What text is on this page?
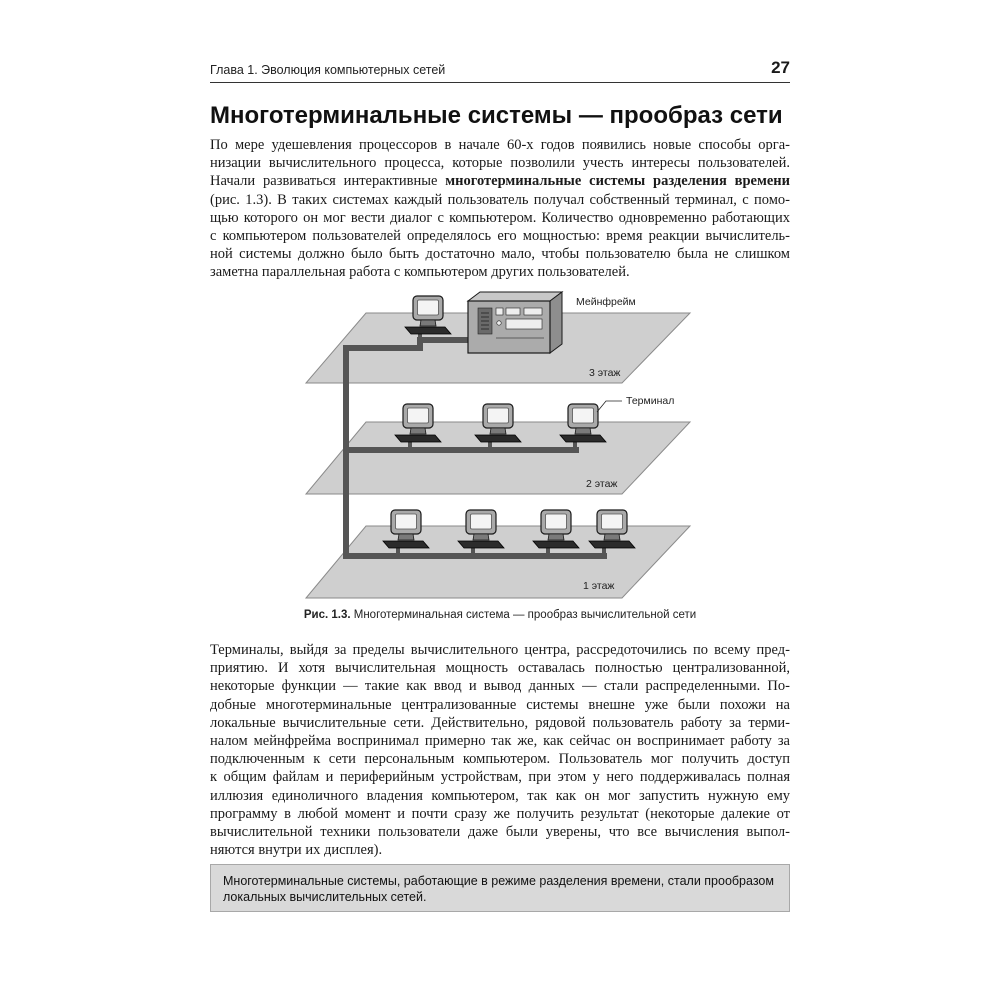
Глава 1. Эволюция компьютерных сетей	27
Многотерминальные системы — прообраз сети

По мере удешевления процессоров в начале 60-х годов появились новые способы орга-
низации вычислительного процесса, которые позволили учесть интересы пользователей.
Начали развиваться интерактивные многотерминальные системы разделения времени
(рис. 1.3). В таких системах каждый пользователь получал собственный терминал, с помо-
щью которого он мог вести диалог с компьютером. Количество одновременно работающих
с компьютером пользователей определялось его мощностью: время реакции вычислитель-
ной системы должно было быть достаточно мало, чтобы пользователю была не слишком
заметна параллельная работа с компьютером других пользователей.

Мейнфрейм
Терминал
3 этаж
2 этаж
1 этаж
Рис. 1.3. Многотерминальная система — прообраз вычислительной сети

Терминалы, выйдя за пределы вычислительного центра, рассредоточились по всему пред-
приятию. И хотя вычислительная мощность оставалась полностью централизованной,
некоторые функции — такие как ввод и вывод данных — стали распределенными. По-
добные многотерминальные централизованные системы внешне уже были похожи на
локальные вычислительные сети. Действительно, рядовой пользователь работу за терми-
налом мейнфрейма воспринимал примерно так же, как сейчас он воспринимает работу за
подключенным к сети персональным компьютером. Пользователь мог получить доступ
к общим файлам и периферийным устройствам, при этом у него поддерживалась полная
иллюзия единоличного владения компьютером, так как он мог запустить нужную ему
программу в любой момент и почти сразу же получить результат (некоторые далекие от
вычислительной техники пользователи даже были уверены, что все вычисления выпол-
няются внутри их дисплея).

Многотерминальные системы, работающие в режиме разделения времени, стали прообразом
локальных вычислительных сетей.
